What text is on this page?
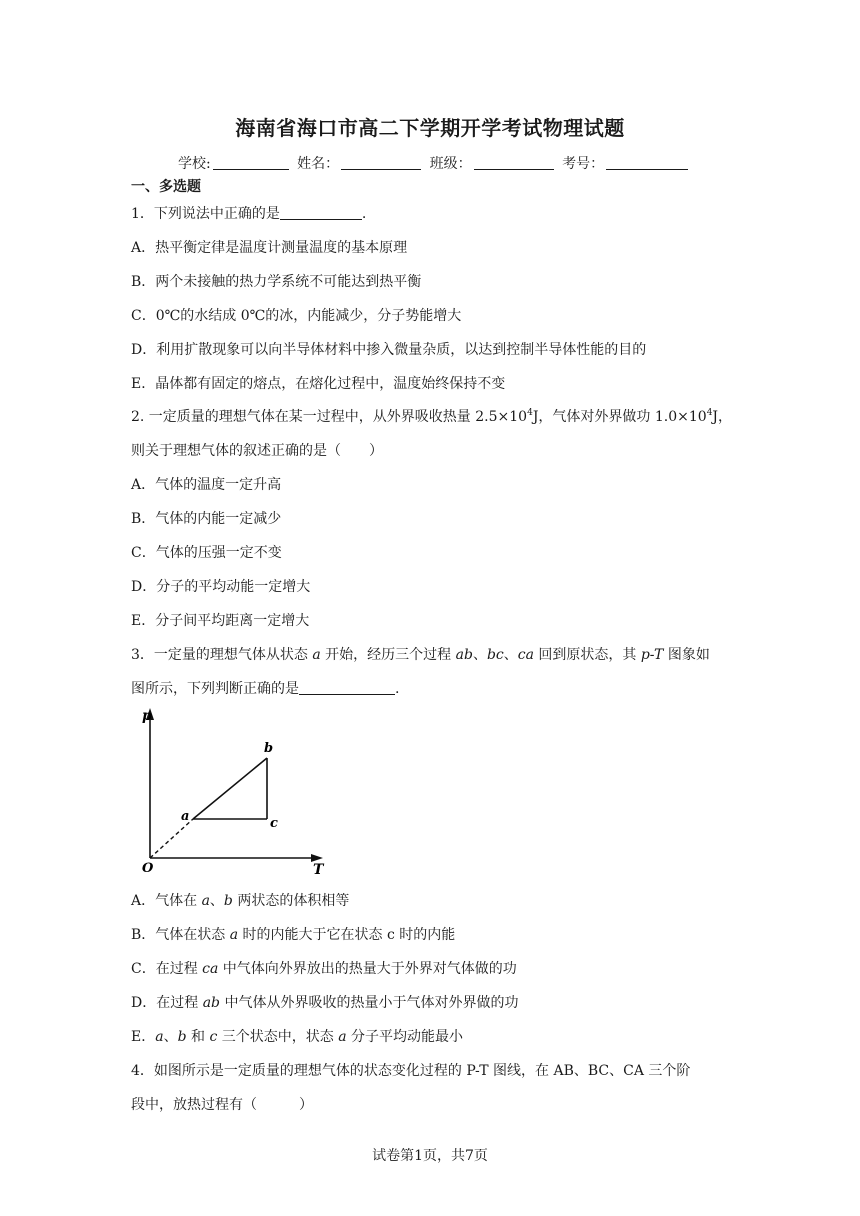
海南省海口市高二下学期开学考试物理试题
学校:	姓名：	班级：	考号：
一、多选题
1．下列说法中正确的是	.
A．热平衡定律是温度计测量温度的基本原理
B．两个未接触的热力学系统不可能达到热平衡
C．0℃的水结成 0℃的冰，内能减少，分子势能增大
D．利用扩散现象可以向半导体材料中掺入微量杂质，以达到控制半导体性能的目的
E．晶体都有固定的熔点，在熔化过程中，温度始终保持不变
2. 一定质量的理想气体在某一过程中，从外界吸收热量 $2.5\times 10^4J$，气体对外界做功 $1.0\times 10^4J$，
则关于理想气体的叙述正确的是（　　）
A．气体的温度一定升高
B．气体的内能一定减少
C．气体的压强一定不变
D．分子的平均动能一定增大
E．分子间平均距离一定增大
3．一定量的理想气体从状态 a 开始，经历三个过程 ab、bc、ca 回到原状态，其 p-T 图象如
图所示，下列判断正确的是	.
p
T
O
a
b
c
A．气体在 a、b 两状态的体积相等
B．气体在状态 a 时的内能大于它在状态 c 时的内能
C．在过程 ca 中气体向外界放出的热量大于外界对气体做的功
D．在过程 ab 中气体从外界吸收的热量小于气体对外界做的功
E．a、b 和 c 三个状态中，状态 a 分子平均动能最小
4．如图所示是一定质量的理想气体的状态变化过程的 P-T 图线，在 AB、BC、CA 三个阶
段中，放热过程有（　　　）
试卷第1页，共7页
